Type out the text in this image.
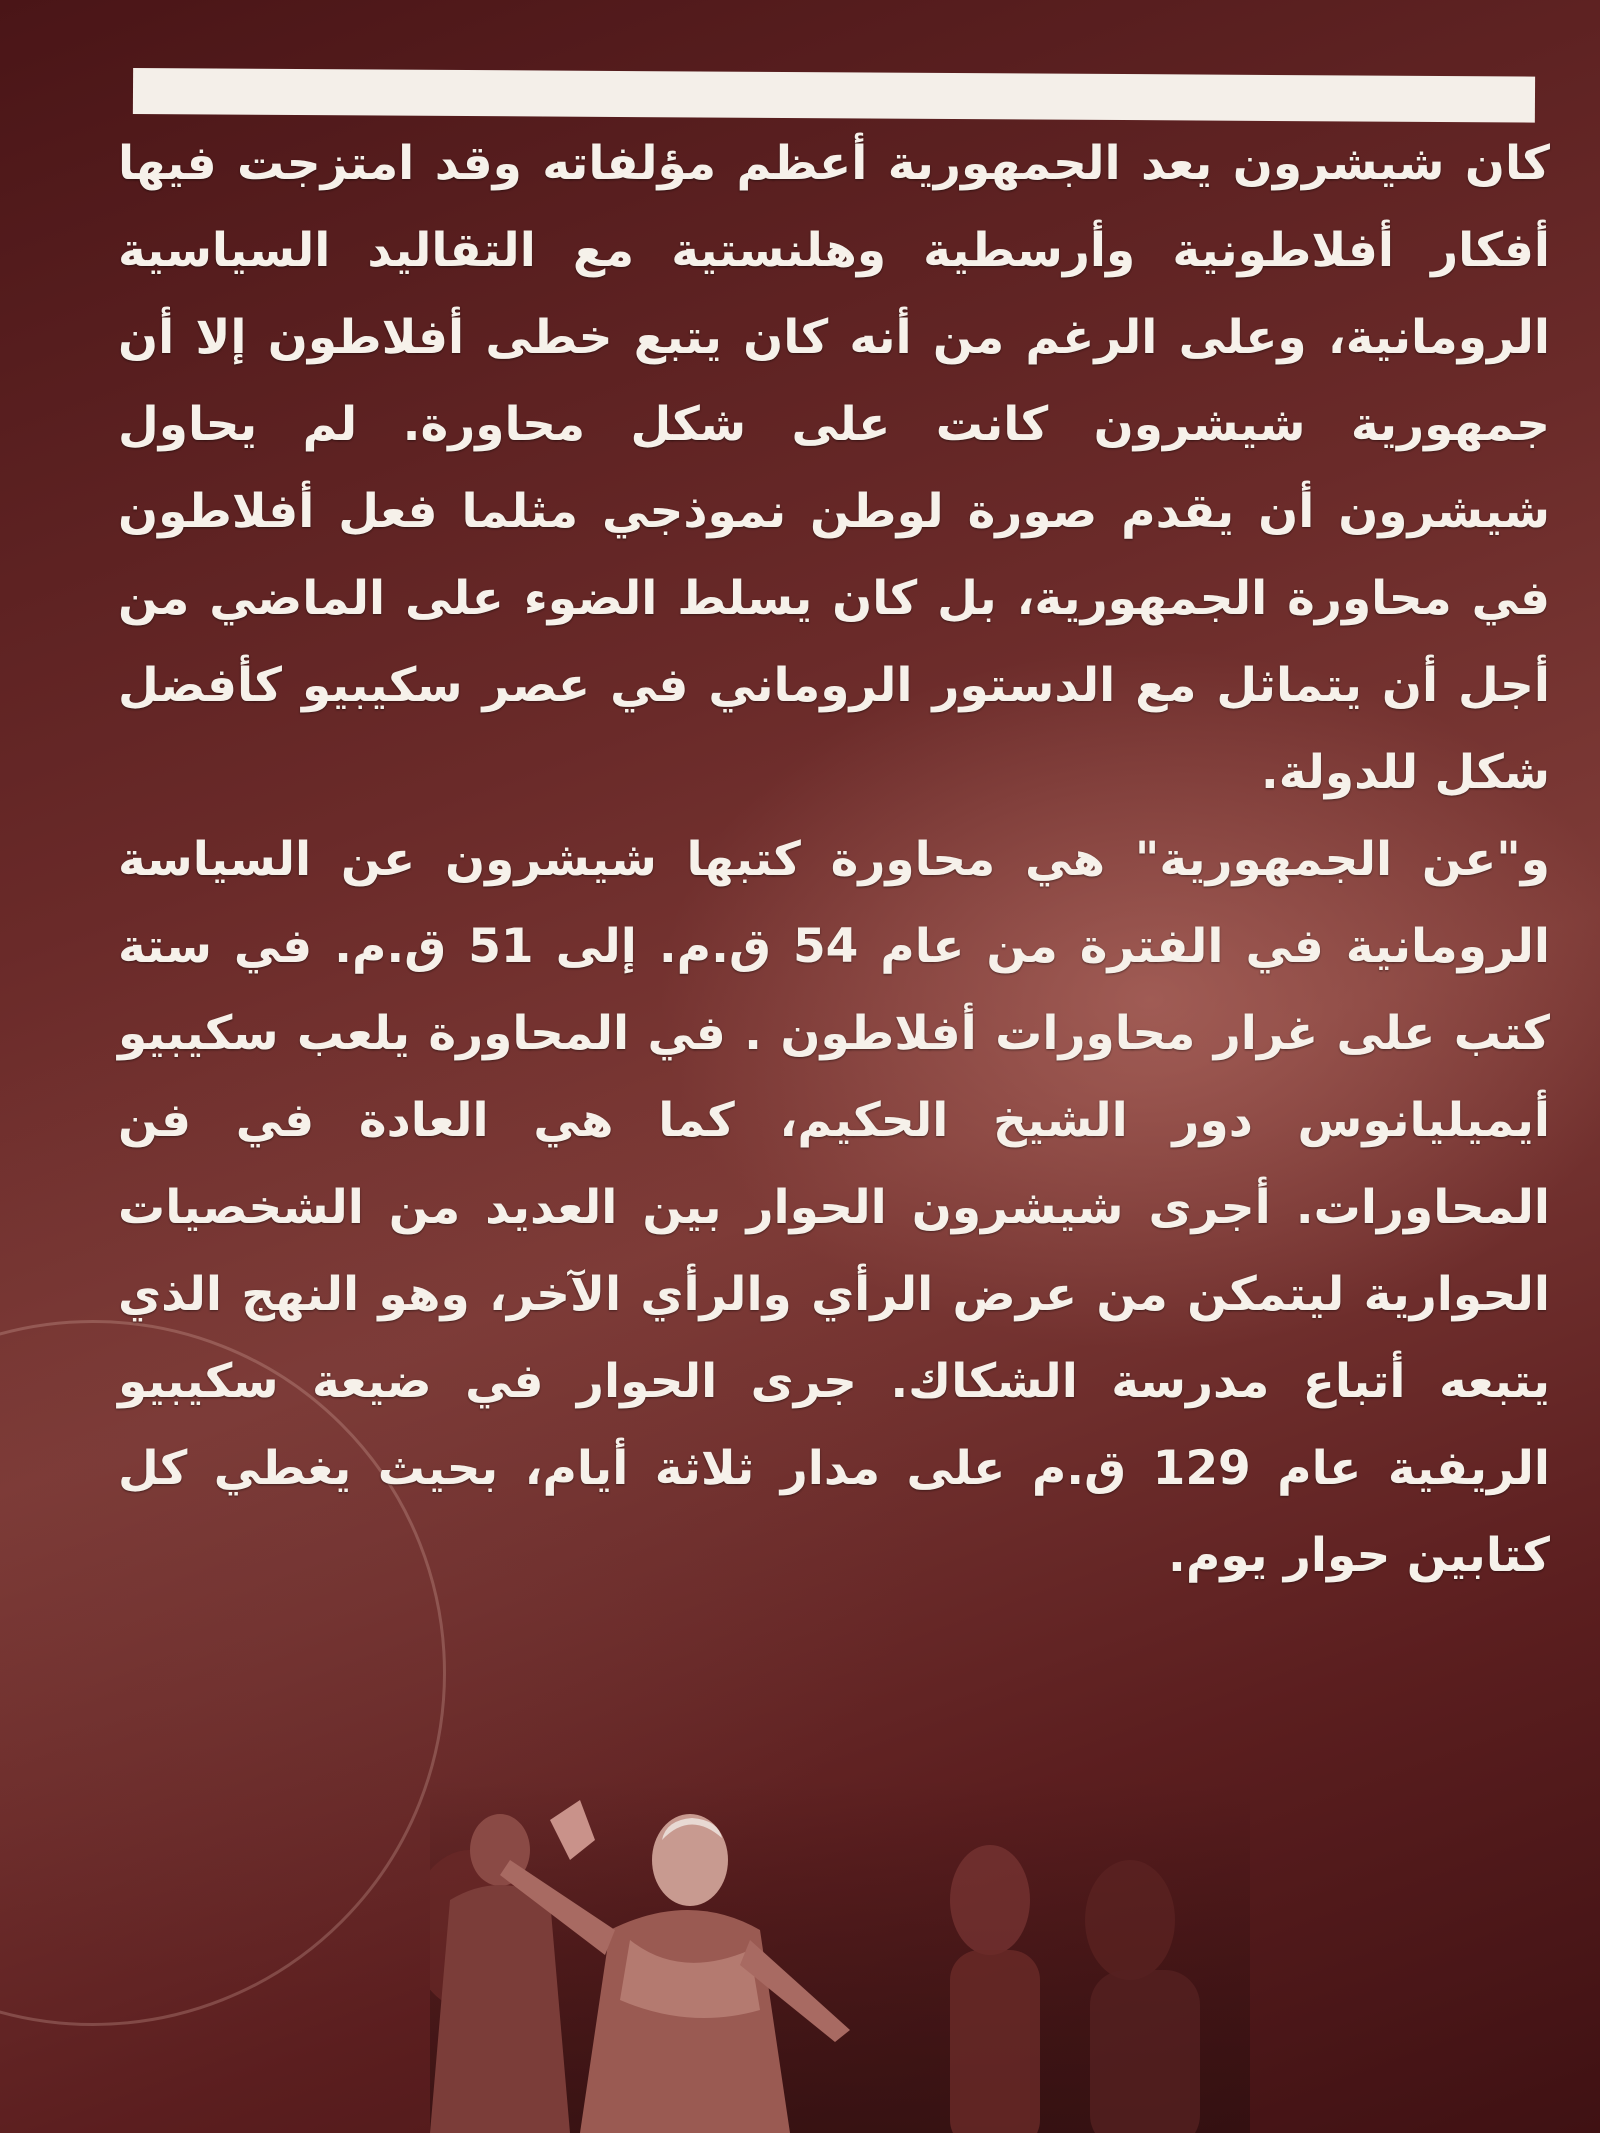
كان شيشرون يعد الجمهورية أعظم مؤلفاته وقد امتزجت فيها أفكار أفلاطونية وأرسطية وهلنستية مع التقاليد السياسية الرومانية، وعلى الرغم من أنه كان يتبع خطى أفلاطون إلا أن جمهورية شيشرون كانت على شكل محاورة. لم يحاول شيشرون أن يقدم صورة لوطن نموذجي مثلما فعل أفلاطون في محاورة الجمهورية، بل كان يسلط الضوء على الماضي من أجل أن يتماثل مع الدستور الروماني في عصر سكيبيو كأفضل شكل للدولة.

و"عن الجمهورية" هي محاورة كتبها شيشرون عن السياسة الرومانية في الفترة من عام 54 ق.م. إلى 51 ق.م. في ستة كتب على غرار محاورات أفلاطون . في المحاورة يلعب سكيبيو أيميليانوس دور الشيخ الحكيم، كما هي العادة في فن المحاورات. أجرى شيشرون الحوار بين العديد من الشخصيات الحوارية ليتمكن من عرض الرأي والرأي الآخر، وهو النهج الذي يتبعه أتباع مدرسة الشكاك. جرى الحوار في ضيعة سكيبيو الريفية عام 129 ق.م على مدار ثلاثة أيام، بحيث يغطي كل كتابين حوار يوم.
